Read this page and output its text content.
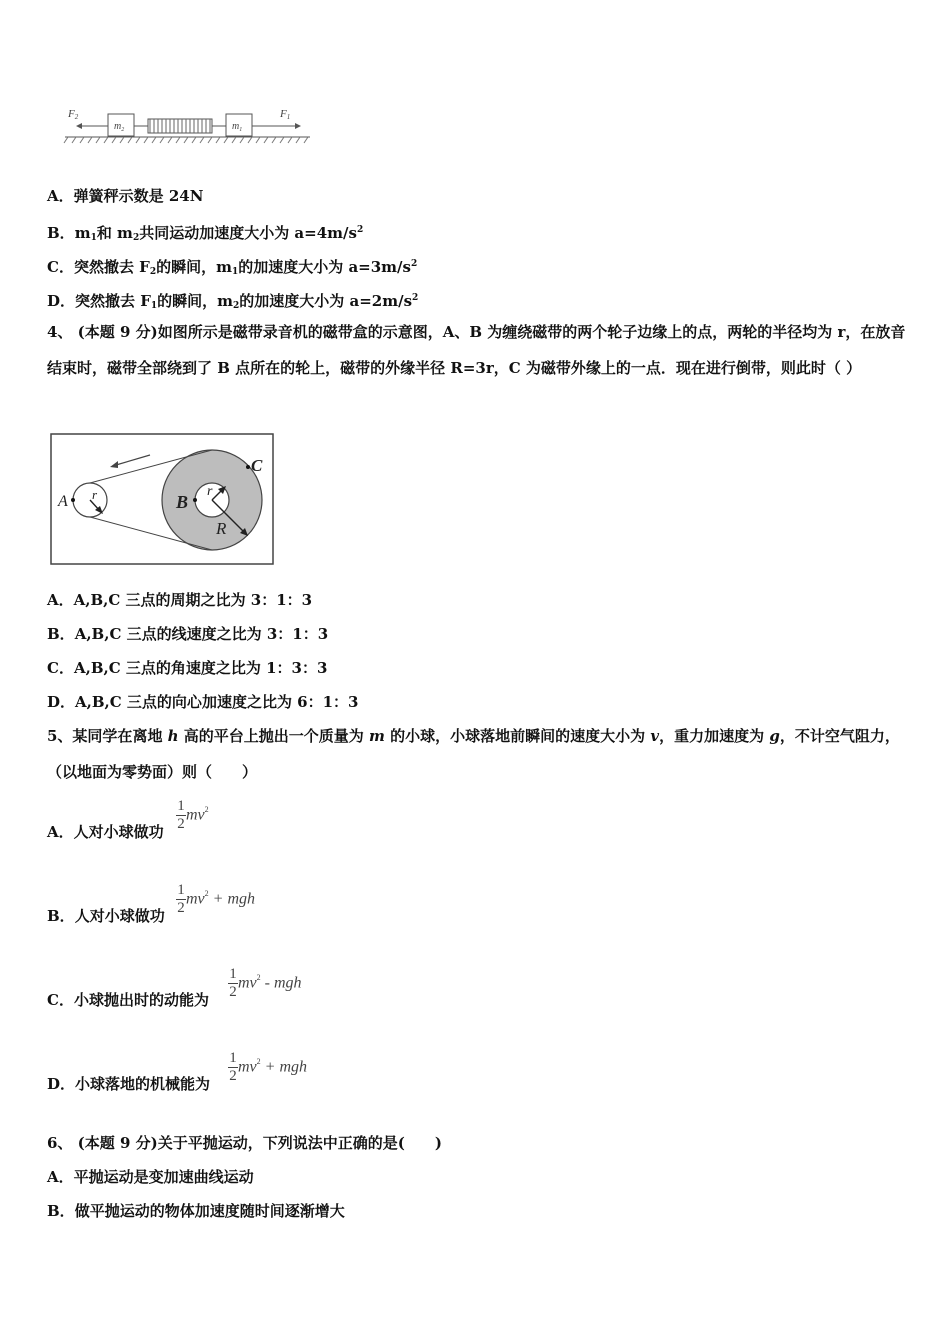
F2
$m_2$	$m_1$
F1
A．弹簧秤示数是 24N
B．$m_1$和 $m_2$共同运动加速度大小为 $a=4m/s^2$
C．突然撤去 $F_2$的瞬间，$m_1$的加速度大小为 $a=3m/s^2$
D．突然撤去 $F_1$的瞬间，$m_2$的加速度大小为 $a=2m/s^2$
4、 (本题 9 分)如图所示是磁带录音机的磁带盒的示意图，A、B 为缠绕磁带的两个轮子边缘上的点，两轮的半径均为 r，在放音结束时，磁带全部绕到了 B 点所在的轮上，磁带的外缘半径 R=3r，C 为磁带外缘上的一点．现在进行倒带，则此时（ ）
A	B
C
r	r
R
A．A,B,C 三点的周期之比为 3：1：3
B．A,B,C 三点的线速度之比为 3：1：3
C．A,B,C 三点的角速度之比为 1：3：3
D．A,B,C 三点的向心加速度之比为 6：1：3
5、某同学在离地 h 高的平台上抛出一个质量为 m 的小球，小球落地前瞬间的速度大小为 v，重力加速度为 g，不计空气阻力，（以地面为零势面）则（　　）
A．人对小球做功 $\frac{1}{2} mv^2$
B．人对小球做功 $\frac{1}{2} mv^2$ + mgh
C．小球抛出时的动能为 $\frac{1}{2} mv^2$ - mgh
D．小球落地的机械能为 $\frac{1}{2} mv^2$ + mgh
6、 (本题 9 分)关于平抛运动，下列说法中正确的是(　　)
A．平抛运动是变加速曲线运动
B．做平抛运动的物体加速度随时间逐渐增大
